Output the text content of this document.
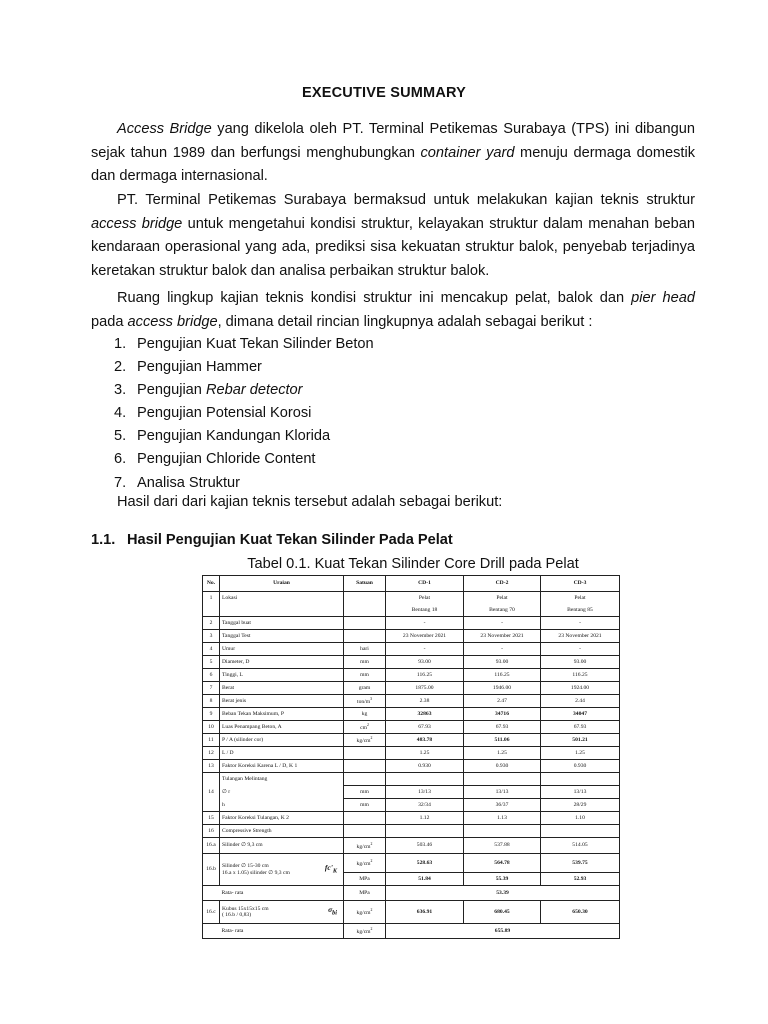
EXECUTIVE SUMMARY

Access Bridge yang dikelola oleh PT. Terminal Petikemas Surabaya (TPS) ini dibangun sejak tahun 1989 dan berfungsi menghubungkan container yard menuju dermaga domestik dan dermaga internasional.

PT. Terminal Petikemas Surabaya bermaksud untuk melakukan kajian teknis struktur access bridge untuk mengetahui kondisi struktur, kelayakan struktur dalam menahan beban kendaraan operasional yang ada, prediksi sisa kekuatan struktur balok, penyebab terjadinya keretakan struktur balok dan analisa perbaikan struktur balok.

Ruang lingkup kajian teknis kondisi struktur ini mencakup pelat, balok dan pier head pada access bridge, dimana detail rincian lingkupnya adalah sebagai berikut :

1. Pengujian Kuat Tekan Silinder Beton
2. Pengujian Hammer
3. Pengujian Rebar detector
4. Pengujian Potensial Korosi
5. Pengujian Kandungan Klorida
6. Pengujian Chloride Content
7. Analisa Struktur
Hasil dari dari kajian teknis tersebut adalah sebagai berikut:
1.1. Hasil Pengujian Kuat Tekan Silinder Pada Pelat
Tabel 0.1. Kuat Tekan Silinder Core Drill pada Pelat
No.	Uraian	Satuan	CD-1	CD-2	CD-3
1	Lokasi		Pelat	Pelat	Pelat
			Bentang 18	Bentang 70	Bentang 85
2	Tanggal buat		-	-	-
3	Tanggal Test		23 November 2021	23 November 2021	23 November 2021
4	Umur	hari	-	-	-
5	Diameter, D	mm	93.00	93.00	93.00
6	Tinggi, L	mm	116.25	116.25	116.25
7	Berat	gram	1875.00	1946.00	1924.00
8	Berat jenis	ton/$m^3$	2.38	2.47	2.44
9	Beban Tekan Maksimum, P	kg	32863	34716	34047
10	Luas Penampang Beton, A	$cm^2$	67.93	67.93	67.93
11	P / A (silinder cor)	$kg/cm^2$	483.78	511.06	501.21
12	L / D		1.25	1.25	1.25
13	Faktor Koreksi Karena L / D, K 1		0.930	0.930	0.930
14	Tulangan Melintang				
	∅ r	mm	13/13	13/13	13/13
	h	mm	32/34	36/37	28/29
15	Faktor Koreksi Tulangan, K 2		1.12	1.13	1.10
16	Compressive Strength				
16.a	Silinder ∅ 9,3 cm	$kg/cm^2$	503.46	537.88	514.05
16.b	Silinder ∅ 15-30 cm
16.a x 1.05) silinder ∅ 9,3 cm
$fc'_K$	$kg/cm^2$	528.63	564.78	539.75
		MPa	51.84	55.39	52.93
	Rata- rata	MPa	53.39		
16.c	Kubus 15x15x15 cm
( 16.b / 0,83)
$\sigma_{bi}$	$kg/cm^2$	636.91	680.45	650.30
	Rata- rata	$kg/cm^2$	655.89		
